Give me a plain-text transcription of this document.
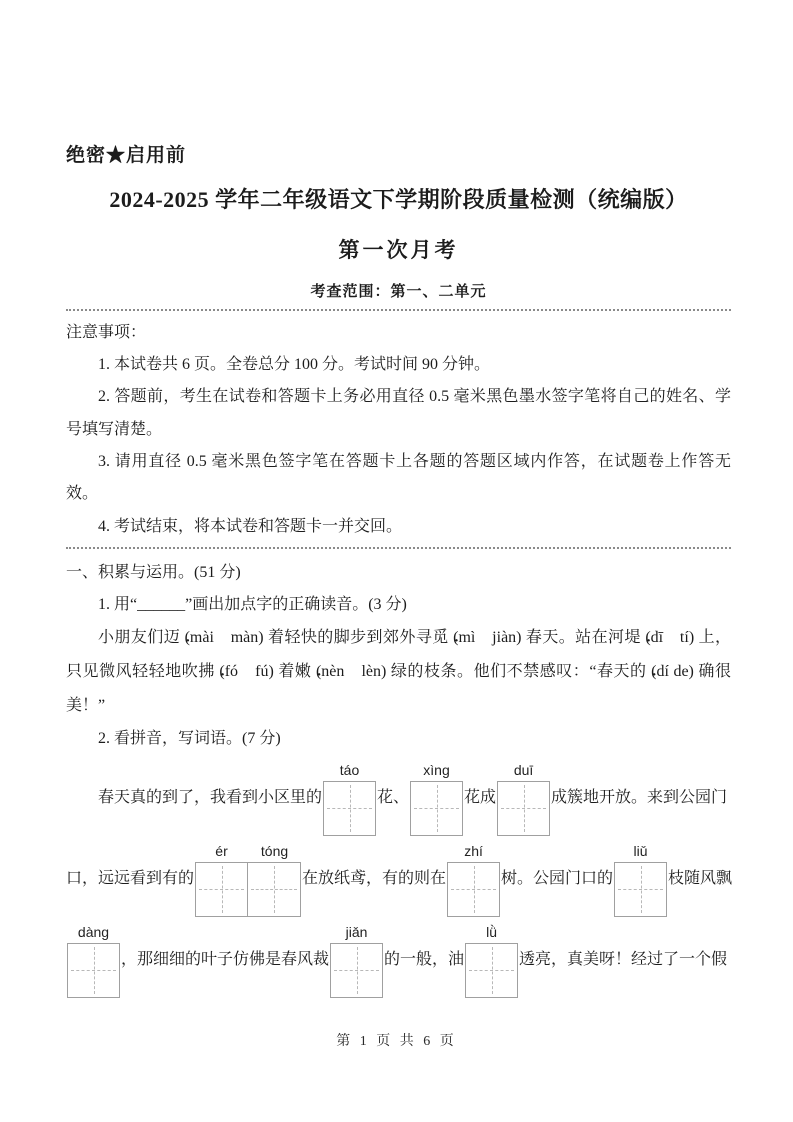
绝密★启用前
2024-2025 学年二年级语文下学期阶段质量检测（统编版）
第一次月考
考查范围：第一、二单元
注意事项：
1. 本试卷共 6 页。全卷总分 100 分。考试时间 90 分钟。
2. 答题前，考生在试卷和答题卡上务必用直径 0.5 毫米黑色墨水签字笔将自己的姓名、学号填写清楚。
3. 请用直径 0.5 毫米黑色签字笔在答题卡上各题的答题区域内作答，在试题卷上作答无效。
4. 考试结束，将本试卷和答题卡一并交回。
一、积累与运用。(51 分)
1. 用“______”画出加点字的正确读音。(3 分)

小朋友们迈 (mài　màn) 着轻快的脚步到郊外寻觅 (mì　jiàn) 春天。站在河堤 (dī　tí) 上，只见微风轻轻地吹拂 (fó　fú) 着嫩 (nèn　lèn) 绿的枝条。他们不禁感叹：“春天的 (dí de) 确很美！”

2. 看拼音，写词语。(7 分)
春天真的到了，我看到小区里的
táo
花、
xìng
花成
duī
成簇地开放。来到公园门
口，远远看到有的
ér	tóng
在放纸鸢，有的则在
zhí
树。公园门口的
liǔ
枝随风飘
dàng
，那细细的叶子仿佛是春风裁
jiǎn
的一般，油
lǜ
透亮，真美呀！经过了一个假
第 1 页 共 6 页
